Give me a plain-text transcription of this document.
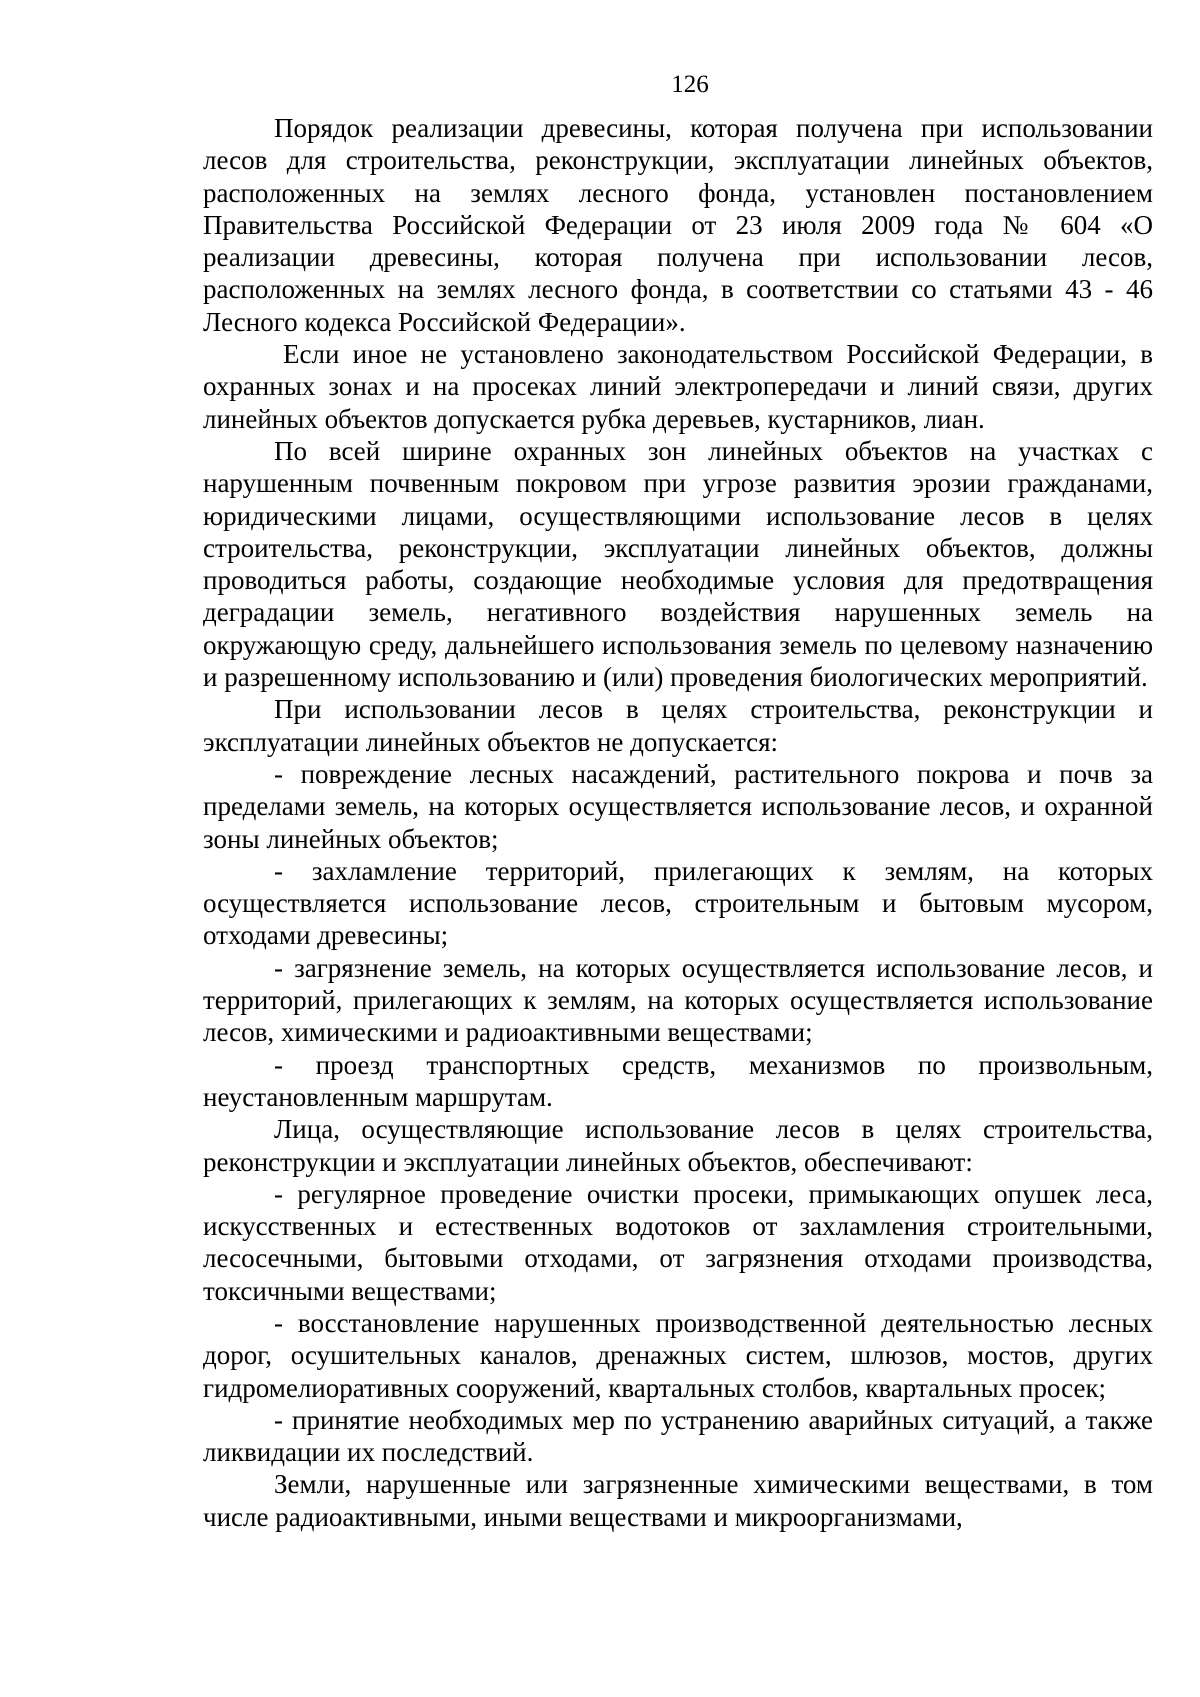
126

Порядок реализации древесины, которая получена при использовании лесов для строительства, реконструкции, эксплуатации линейных объектов, расположенных на землях лесного фонда, установлен постановлением Правительства Российской Федерации от 23 июля 2009 года № 604 «О реализации древесины, которая получена при использовании лесов, расположенных на землях лесного фонда, в соответствии со статьями 43 - 46 Лесного кодекса Российской Федерации».

Если иное не установлено законодательством Российской Федерации, в охранных зонах и на просеках линий электропередачи и линий связи, других линейных объектов допускается рубка деревьев, кустарников, лиан.

По всей ширине охранных зон линейных объектов на участках с нарушенным почвенным покровом при угрозе развития эрозии гражданами, юридическими лицами, осуществляющими использование лесов в целях строительства, реконструкции, эксплуатации линейных объектов, должны проводиться работы, создающие необходимые условия для предотвращения деградации земель, негативного воздействия нарушенных земель на окружающую среду, дальнейшего использования земель по целевому назначению и разрешенному использованию и (или) проведения биологических мероприятий.

При использовании лесов в целях строительства, реконструкции и эксплуатации линейных объектов не допускается:

- повреждение лесных насаждений, растительного покрова и почв за пределами земель, на которых осуществляется использование лесов, и охранной зоны линейных объектов;

- захламление территорий, прилегающих к землям, на которых осуществляется использование лесов, строительным и бытовым мусором, отходами древесины;

- загрязнение земель, на которых осуществляется использование лесов, и территорий, прилегающих к землям, на которых осуществляется использование лесов, химическими и радиоактивными веществами;

- проезд транспортных средств, механизмов по произвольным, неустановленным маршрутам.

Лица, осуществляющие использование лесов в целях строительства, реконструкции и эксплуатации линейных объектов, обеспечивают:

- регулярное проведение очистки просеки, примыкающих опушек леса, искусственных и естественных водотоков от захламления строительными, лесосечными, бытовыми отходами, от загрязнения отходами производства, токсичными веществами;

- восстановление нарушенных производственной деятельностью лесных дорог, осушительных каналов, дренажных систем, шлюзов, мостов, других гидромелиоративных сооружений, квартальных столбов, квартальных просек;

- принятие необходимых мер по устранению аварийных ситуаций, а также ликвидации их последствий.

Земли, нарушенные или загрязненные химическими веществами, в том числе радиоактивными, иными веществами и микроорганизмами,
